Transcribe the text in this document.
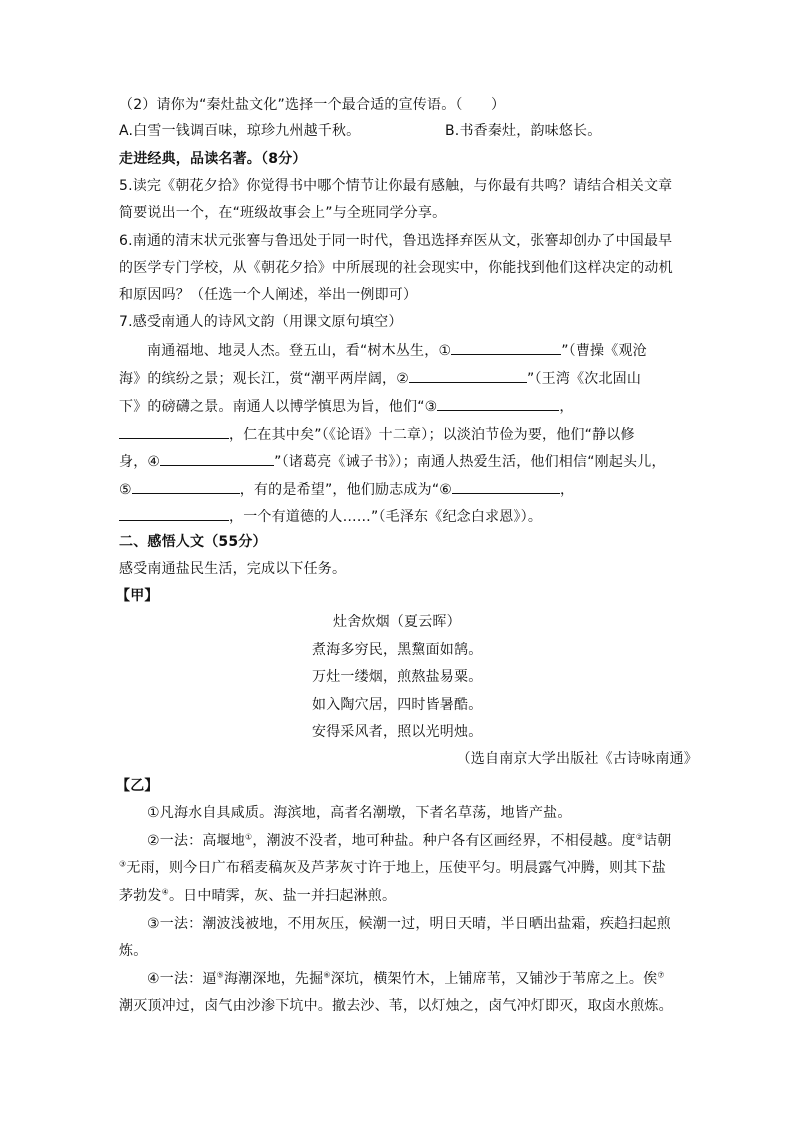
（2）请你为“秦灶盐文化”选择一个最合适的宣传语。（　　）
A.白雪一钱调百味，琼珍九州越千秋。	B.书香秦灶，韵味悠长。
走进经典，品读名著。（8分）
5.读完《朝花夕拾》你觉得书中哪个情节让你最有感触，与你最有共鸣？请结合相关文章
简要说出一个，在“班级故事会上”与全班同学分享。
6.南通的清末状元张謇与鲁迅处于同一时代，鲁迅选择弃医从文，张謇却创办了中国最早
的医学专门学校，从《朝花夕拾》中所展现的社会现实中，你能找到他们这样决定的动机
和原因吗？（任选一个人阐述，举出一例即可）
7.感受南通人的诗风文韵（用课文原句填空）
南通福地、地灵人杰。登五山，看“树木丛生，①	”（曹操《观沧
海》的缤纷之景；观长江，赏“潮平两岸阔，②	”（王湾《次北固山
下》的磅礴之景。南通人以博学慎思为旨，他们“③	，
，仁在其中矣”（《论语》十二章）；以淡泊节俭为要，他们“静以修
身，④	”（诸葛亮《诫子书》）；南通人热爱生活，他们相信“刚起头儿，
⑤	，有的是希望”，他们励志成为“⑥	，
，一个有道德的人……”（毛泽东《纪念白求恩》）。
二、感悟人文（55分）
感受南通盐民生活，完成以下任务。
【甲】
灶舍炊烟（夏云晖）
煮海多穷民，黑黧面如鹄。
万灶一缕烟，煎熬盐易粟。
如入陶穴居，四时皆暑酷。
安得采风者，照以光明烛。
（选自南京大学出版社《古诗咏南通》
【乙】
①凡海水自具咸质。海滨地，高者名潮墩，下者名草荡，地皆产盐。
②一法：高堰地①，潮波不没者，地可种盐。种户各有区画经界，不相侵越。度②诘朝
③无雨，则今日广布稻麦稿灰及芦茅灰寸许于地上，压使平匀。明晨露气冲腾，则其下盐
茅勃发④。日中晴霁，灰、盐一并扫起淋煎。
③一法：潮波浅被地，不用灰压，候潮一过，明日天晴，半日晒出盐霜，疾趋扫起煎
炼。
④一法：逼⑤海潮深地，先掘⑥深坑，横架竹木，上铺席苇，又铺沙于苇席之上。俟⑦
潮灭顶冲过，卤气由沙渗下坑中。撤去沙、苇，以灯烛之，卤气冲灯即灭，取卤水煎炼。
